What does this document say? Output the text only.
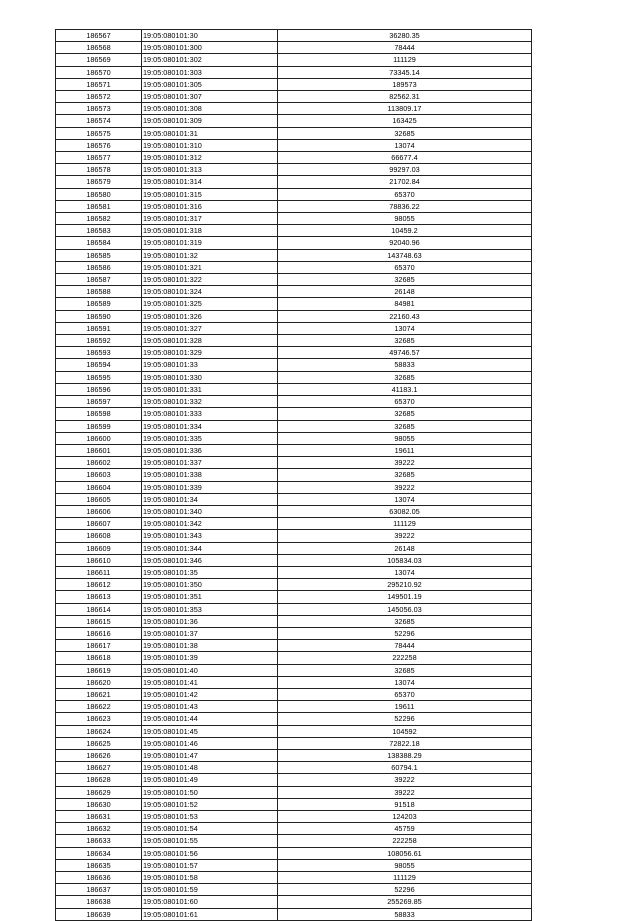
186567	19:05:080101:30	36280.35
186568	19:05:080101:300	78444
186569	19:05:080101:302	111129
186570	19:05:080101:303	73345.14
186571	19:05:080101:305	189573
186572	19:05:080101:307	82562.31
186573	19:05:080101:308	113809.17
186574	19:05:080101:309	163425
186575	19:05:080101:31	32685
186576	19:05:080101:310	13074
186577	19:05:080101:312	66677.4
186578	19:05:080101:313	99297.03
186579	19:05:080101:314	21702.84
186580	19:05:080101:315	65370
186581	19:05:080101:316	78836.22
186582	19:05:080101:317	98055
186583	19:05:080101:318	10459.2
186584	19:05:080101:319	92040.96
186585	19:05:080101:32	143748.63
186586	19:05:080101:321	65370
186587	19:05:080101:322	32685
186588	19:05:080101:324	26148
186589	19:05:080101:325	84981
186590	19:05:080101:326	22160.43
186591	19:05:080101:327	13074
186592	19:05:080101:328	32685
186593	19:05:080101:329	49746.57
186594	19:05:080101:33	58833
186595	19:05:080101:330	32685
186596	19:05:080101:331	41183.1
186597	19:05:080101:332	65370
186598	19:05:080101:333	32685
186599	19:05:080101:334	32685
186600	19:05:080101:335	98055
186601	19:05:080101:336	19611
186602	19:05:080101:337	39222
186603	19:05:080101:338	32685
186604	19:05:080101:339	39222
186605	19:05:080101:34	13074
186606	19:05:080101:340	63082.05
186607	19:05:080101:342	111129
186608	19:05:080101:343	39222
186609	19:05:080101:344	26148
186610	19:05:080101:346	105834.03
186611	19:05:080101:35	13074
186612	19:05:080101:350	295210.92
186613	19:05:080101:351	149501.19
186614	19:05:080101:353	145056.03
186615	19:05:080101:36	32685
186616	19:05:080101:37	52296
186617	19:05:080101:38	78444
186618	19:05:080101:39	222258
186619	19:05:080101:40	32685
186620	19:05:080101:41	13074
186621	19:05:080101:42	65370
186622	19:05:080101:43	19611
186623	19:05:080101:44	52296
186624	19:05:080101:45	104592
186625	19:05:080101:46	72822.18
186626	19:05:080101:47	138388.29
186627	19:05:080101:48	60794.1
186628	19:05:080101:49	39222
186629	19:05:080101:50	39222
186630	19:05:080101:52	91518
186631	19:05:080101:53	124203
186632	19:05:080101:54	45759
186633	19:05:080101:55	222258
186634	19:05:080101:56	108056.61
186635	19:05:080101:57	98055
186636	19:05:080101:58	111129
186637	19:05:080101:59	52296
186638	19:05:080101:60	255269.85
186639	19:05:080101:61	58833
